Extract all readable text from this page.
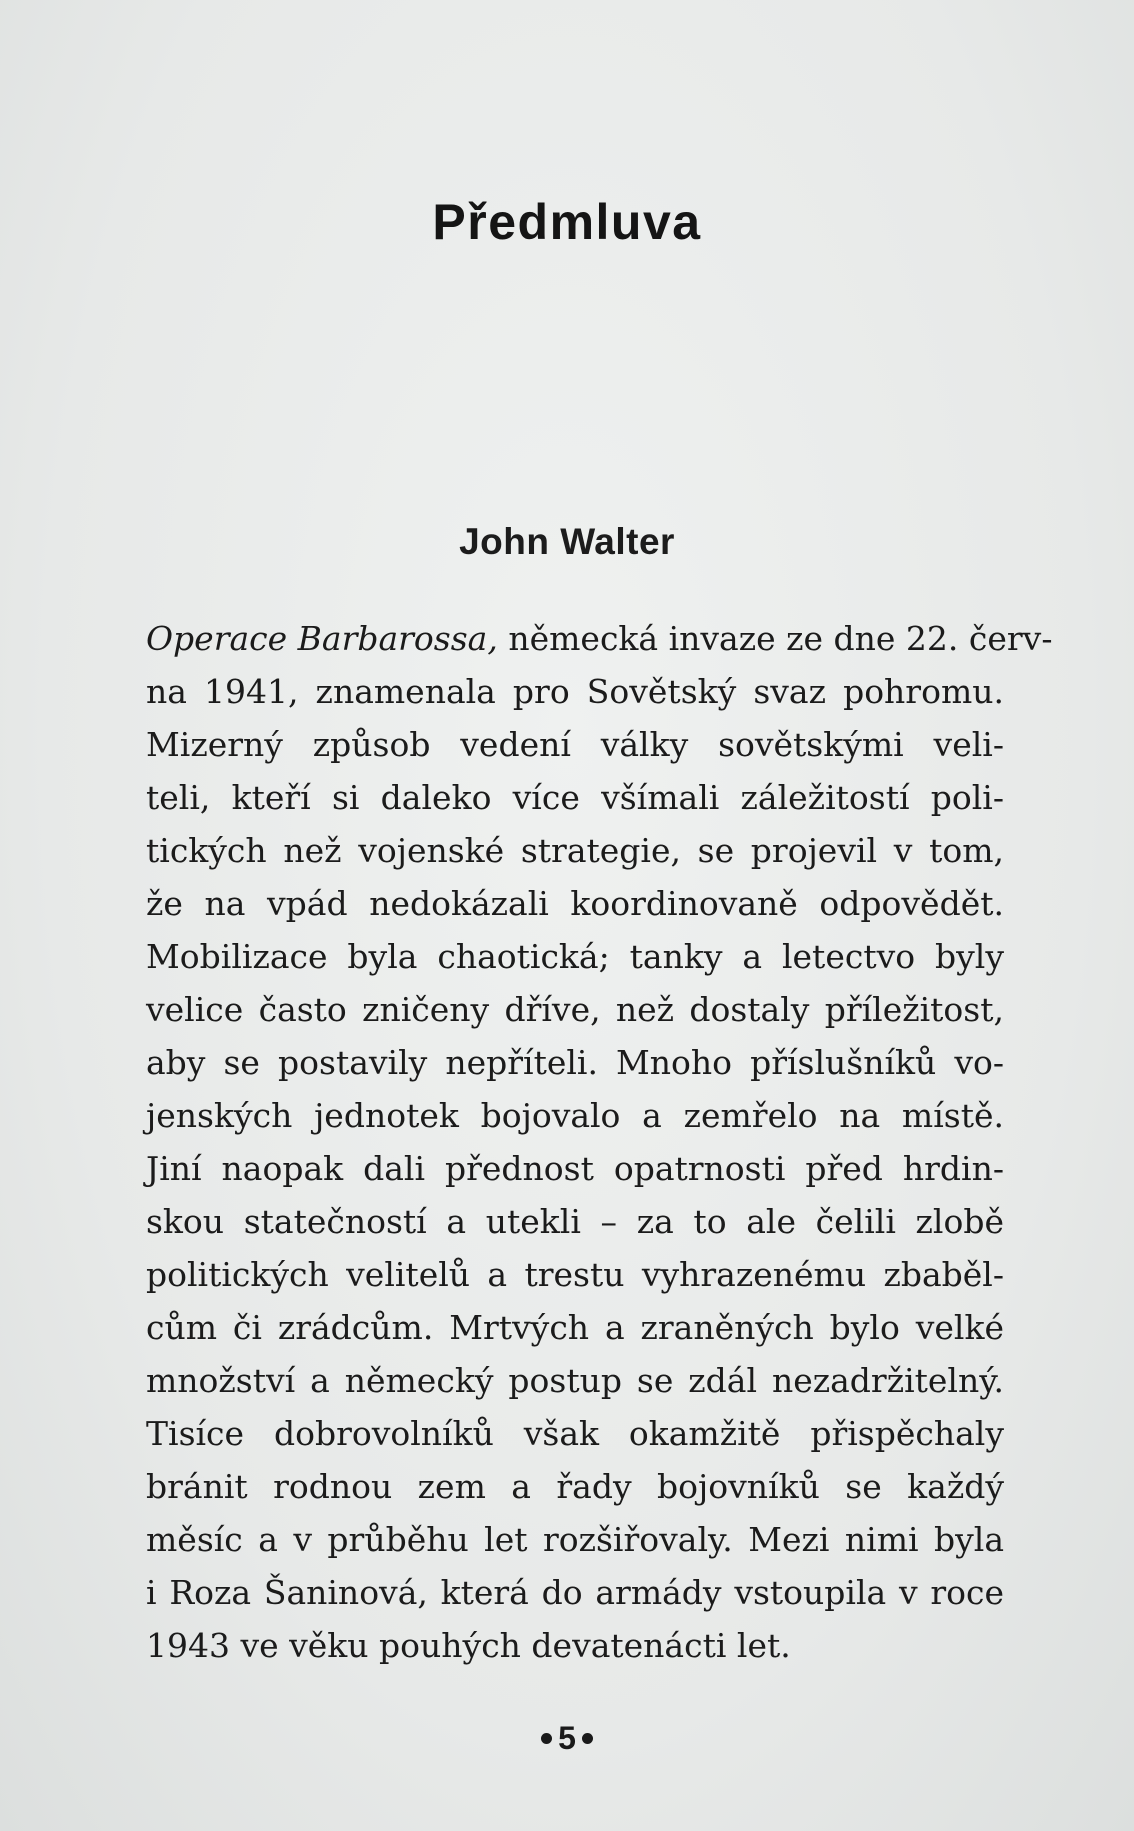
Předmluva
John Walter
Operace Barbarossa, německá invaze ze dne 22. červ-
na 1941, znamenala pro Sovětský svaz pohromu.
Mizerný způsob vedení války sovětskými veli-
teli, kteří si daleko více všímali záležitostí poli-
tických než vojenské strategie, se projevil v tom,
že na vpád nedokázali koordinovaně odpovědět.
Mobilizace byla chaotická; tanky a letectvo byly
velice často zničeny dříve, než dostaly příležitost,
aby se postavily nepříteli. Mnoho příslušníků vo-
jenských jednotek bojovalo a zemřelo na místě.
Jiní naopak dali přednost opatrnosti před hrdin-
skou statečností a utekli – za to ale čelili zlobě
politických velitelů a trestu vyhrazenému zbaběl-
cům či zrádcům. Mrtvých a zraněných bylo velké
množství a německý postup se zdál nezadržitelný.
Tisíce dobrovolníků však okamžitě přispěchaly
bránit rodnou zem a řady bojovníků se každý
měsíc a v průběhu let rozšiřovaly. Mezi nimi byla
i Roza Šaninová, která do armády vstoupila v roce
1943 ve věku pouhých devatenácti let.
5
